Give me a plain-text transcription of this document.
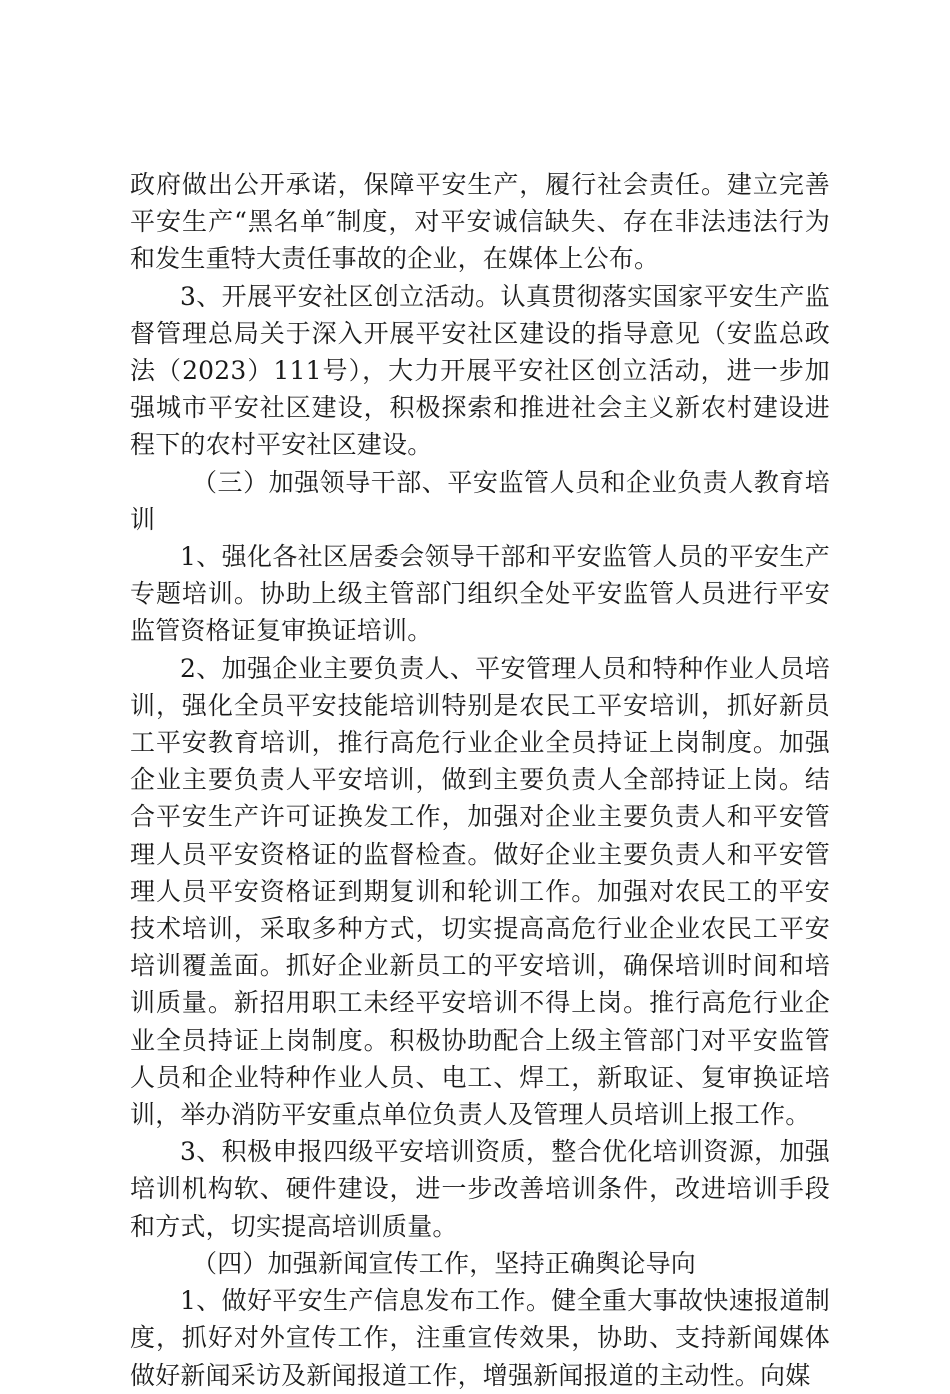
政府做出公开承诺，保障平安生产，履行社会责任。建立完善平安生产“黑名单″制度，对平安诚信缺失、存在非法违法行为和发生重特大责任事故的企业，在媒体上公布。

3、开展平安社区创立活动。认真贯彻落实国家平安生产监督管理总局关于深入开展平安社区建设的指导意见（安监总政法（2023）111号），大力开展平安社区创立活动，进一步加强城市平安社区建设，积极探索和推进社会主义新农村建设进程下的农村平安社区建设。

（三）加强领导干部、平安监管人员和企业负责人教育培训

1、强化各社区居委会领导干部和平安监管人员的平安生产专题培训。协助上级主管部门组织全处平安监管人员进行平安监管资格证复审换证培训。

2、加强企业主要负责人、平安管理人员和特种作业人员培训，强化全员平安技能培训特别是农民工平安培训，抓好新员工平安教育培训，推行高危行业企业全员持证上岗制度。加强企业主要负责人平安培训，做到主要负责人全部持证上岗。结合平安生产许可证换发工作，加强对企业主要负责人和平安管理人员平安资格证的监督检查。做好企业主要负责人和平安管理人员平安资格证到期复训和轮训工作。加强对农民工的平安技术培训，采取多种方式，切实提高高危行业企业农民工平安培训覆盖面。抓好企业新员工的平安培训，确保培训时间和培训质量。新招用职工未经平安培训不得上岗。推行高危行业企业全员持证上岗制度。积极协助配合上级主管部门对平安监管人员和企业特种作业人员、电工、焊工，新取证、复审换证培训，举办消防平安重点单位负责人及管理人员培训上报工作。

3、积极申报四级平安培训资质，整合优化培训资源，加强培训机构软、硬件建设，进一步改善培训条件，改进培训手段和方式，切实提高培训质量。

（四）加强新闻宣传工作，坚持正确舆论导向

1、做好平安生产信息发布工作。健全重大事故快速报道制度，抓好对外宣传工作，注重宣传效果，协助、支持新闻媒体做好新闻采访及新闻报道工作，增强新闻报道的主动性。向媒
